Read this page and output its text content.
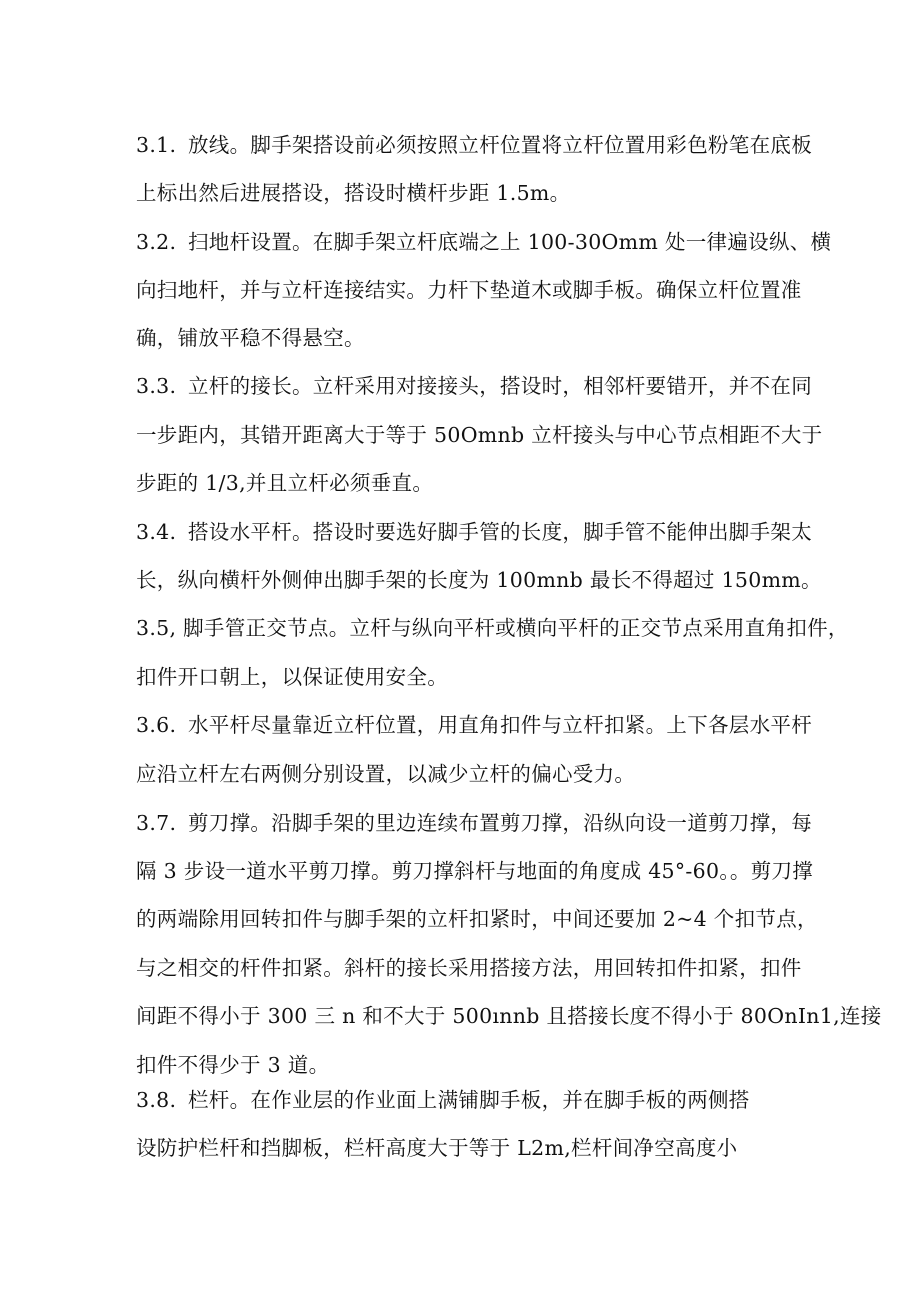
3.1. 放线。脚手架搭设前必须按照立杆位置将立杆位置用彩色粉笔在底板
上标出然后进展搭设，搭设时横杆步距 1.5m。
3.2. 扫地杆设置。在脚手架立杆底端之上 100-30Omm 处一律遍设纵、横
向扫地杆，并与立杆连接结实。力杆下垫道木或脚手板。确保立杆位置准
确，铺放平稳不得悬空。
3.3. 立杆的接长。立杆采用对接接头，搭设时，相邻杆要错开，并不在同
一步距内，其错开距离大于等于 50Omnb 立杆接头与中心节点相距不大于
步距的 1/3,并且立杆必须垂直。
3.4. 搭设水平杆。搭设时要选好脚手管的长度，脚手管不能伸出脚手架太
长，纵向横杆外侧伸出脚手架的长度为 100mnb 最长不得超过 150mm。
3.5, 脚手管正交节点。立杆与纵向平杆或横向平杆的正交节点采用直角扣件，
扣件开口朝上，以保证使用安全。
3.6. 水平杆尽量靠近立杆位置，用直角扣件与立杆扣紧。上下各层水平杆
应沿立杆左右两侧分别设置，以减少立杆的偏心受力。
3.7. 剪刀撑。沿脚手架的里边连续布置剪刀撑，沿纵向设一道剪刀撑，每
隔 3 步设一道水平剪刀撑。剪刀撑斜杆与地面的角度成 45°-60。。剪刀撑
的两端除用回转扣件与脚手架的立杆扣紧时，中间还要加 2~4 个扣节点，
与之相交的杆件扣紧。斜杆的接长采用搭接方法，用回转扣件扣紧，扣件
间距不得小于 300 三 n 和不大于 500ınnb 且搭接长度不得小于 80OnIn1,连接
扣件不得少于 3 道。
3.8. 栏杆。在作业层的作业面上满铺脚手板，并在脚手板的两侧搭
设防护栏杆和挡脚板，栏杆高度大于等于 L2m,栏杆间净空高度小
